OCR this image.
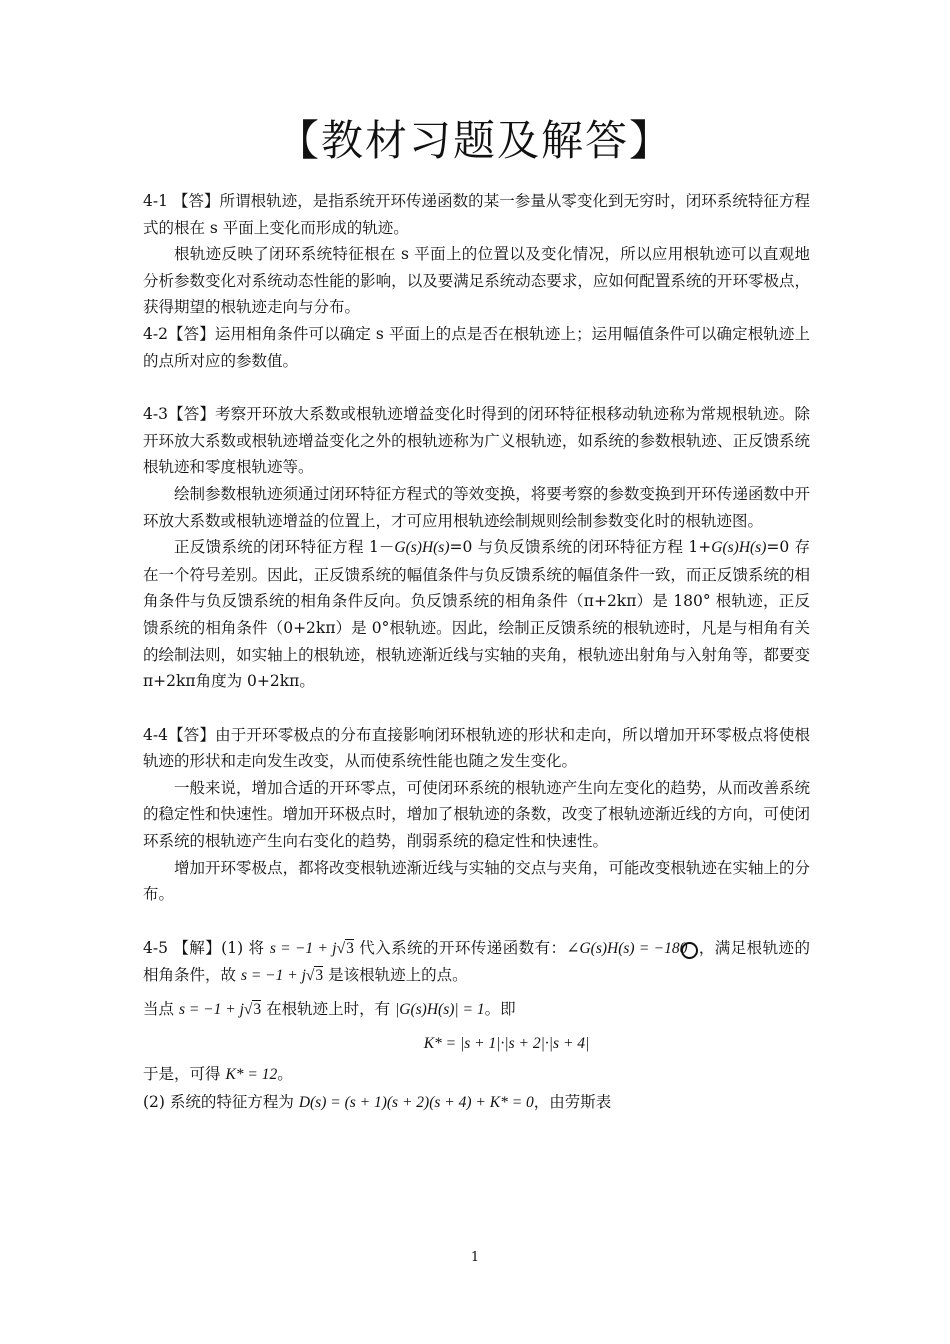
【教材习题及解答】

4-1 【答】所谓根轨迹，是指系统开环传递函数的某一参量从零变化到无穷时，闭环系统特征方程式的根在 s 平面上变化而形成的轨迹。

根轨迹反映了闭环系统特征根在 s 平面上的位置以及变化情况，所以应用根轨迹可以直观地分析参数变化对系统动态性能的影响，以及要满足系统动态要求，应如何配置系统的开环零极点，获得期望的根轨迹走向与分布。

4-2【答】运用相角条件可以确定 s 平面上的点是否在根轨迹上；运用幅值条件可以确定根轨迹上的点所对应的参数值。

4-3【答】考察开环放大系数或根轨迹增益变化时得到的闭环特征根移动轨迹称为常规根轨迹。除开环放大系数或根轨迹增益变化之外的根轨迹称为广义根轨迹，如系统的参数根轨迹、正反馈系统根轨迹和零度根轨迹等。

绘制参数根轨迹须通过闭环特征方程式的等效变换，将要考察的参数变换到开环传递函数中开环放大系数或根轨迹增益的位置上，才可应用根轨迹绘制规则绘制参数变化时的根轨迹图。

正反馈系统的闭环特征方程 1－G(s)H(s)=0 与负反馈系统的闭环特征方程 1+G(s)H(s)=0 存在一个符号差别。因此，正反馈系统的幅值条件与负反馈系统的幅值条件一致，而正反馈系统的相角条件与负反馈系统的相角条件反向。负反馈系统的相角条件（π+2kπ）是 180° 根轨迹，正反馈系统的相角条件（0+2kπ）是 0°根轨迹。因此，绘制正反馈系统的根轨迹时，凡是与相角有关的绘制法则，如实轴上的根轨迹，根轨迹渐近线与实轴的夹角，根轨迹出射角与入射角等，都要变π+2kπ角度为 0+2kπ。

4-4【答】由于开环零极点的分布直接影响闭环根轨迹的形状和走向，所以增加开环零极点将使根轨迹的形状和走向发生改变，从而使系统性能也随之发生变化。

一般来说，增加合适的开环零点，可使闭环系统的根轨迹产生向左变化的趋势，从而改善系统的稳定性和快速性。增加开环极点时，增加了根轨迹的条数，改变了根轨迹渐近线的方向，可使闭环系统的根轨迹产生向右变化的趋势，削弱系统的稳定性和快速性。

增加开环零极点，都将改变根轨迹渐近线与实轴的交点与夹角，可能改变根轨迹在实轴上的分布。

4-5 【解】(1) 将 s = −1 + j√3 代入系统的开环传递函数有：∠G(s)H(s) = −180 ，满足根轨迹的相角条件，故 s = −1 + j√3 是该根轨迹上的点。

当点 s = −1 + j√3 在根轨迹上时，有 |G(s)H(s)| = 1。即

K* = |s + 1|·|s + 2|·|s + 4|

于是，可得 K* = 12。

(2) 系统的特征方程为 D(s) = (s + 1)(s + 2)(s + 4) + K* = 0，由劳斯表

1
